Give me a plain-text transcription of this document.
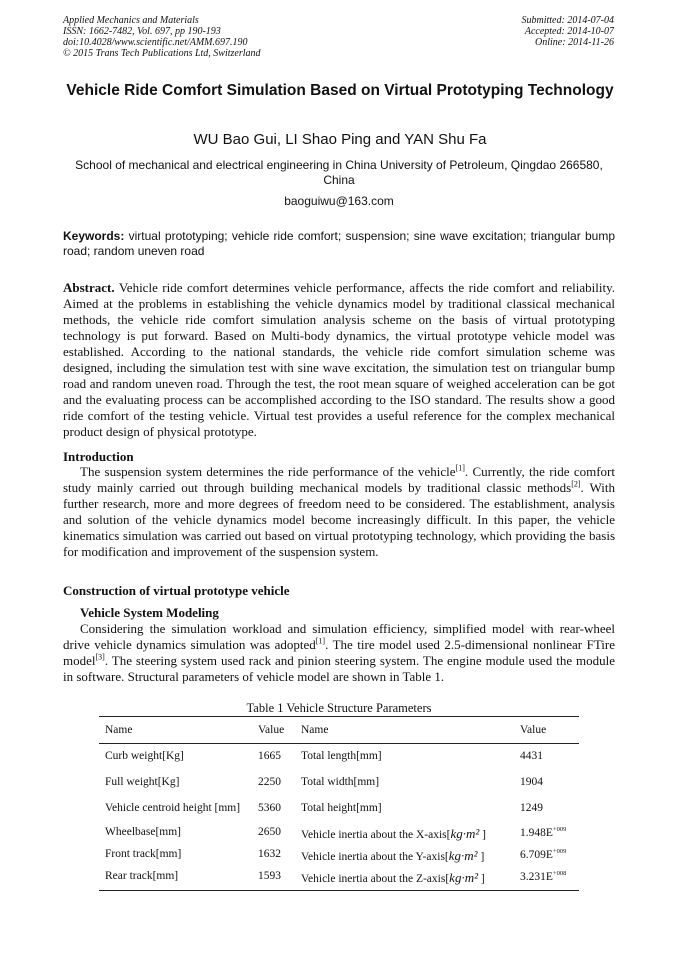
Applied Mechanics and Materials
ISSN: 1662-7482, Vol. 697, pp 190-193
doi:10.4028/www.scientific.net/AMM.697.190
© 2015 Trans Tech Publications Ltd, Switzerland
Submitted: 2014-07-04
Accepted: 2014-10-07
Online: 2014-11-26
Vehicle Ride Comfort Simulation Based on Virtual Prototyping Technology
WU Bao Gui, LI Shao Ping and YAN Shu Fa
School of mechanical and electrical engineering in China University of Petroleum, Qingdao 266580, China
baoguiwu@163.com
Keywords: virtual prototyping; vehicle ride comfort; suspension; sine wave excitation; triangular bump road; random uneven road
Abstract. Vehicle ride comfort determines vehicle performance, affects the ride comfort and reliability. Aimed at the problems in establishing the vehicle dynamics model by traditional classical mechanical methods, the vehicle ride comfort simulation analysis scheme on the basis of virtual prototyping technology is put forward. Based on Multi-body dynamics, the virtual prototype vehicle model was established. According to the national standards, the vehicle ride comfort simulation scheme was designed, including the simulation test with sine wave excitation, the simulation test on triangular bump road and random uneven road. Through the test, the root mean square of weighed acceleration can be got and the evaluating process can be accomplished according to the ISO standard. The results show a good ride comfort of the testing vehicle. Virtual test provides a useful reference for the complex mechanical product design of physical prototype.
Introduction
The suspension system determines the ride performance of the vehicle[1]. Currently, the ride comfort study mainly carried out through building mechanical models by traditional classic methods[2]. With further research, more and more degrees of freedom need to be considered. The establishment, analysis and solution of the vehicle dynamics model become increasingly difficult. In this paper, the vehicle kinematics simulation was carried out based on virtual prototyping technology, which providing the basis for modification and improvement of the suspension system.
Construction of virtual prototype vehicle
Vehicle System Modeling
Considering the simulation workload and simulation efficiency, simplified model with rear-wheel drive vehicle dynamics simulation was adopted[1]. The tire model used 2.5-dimensional nonlinear FTire model[3]. The steering system used rack and pinion steering system. The engine module used the module in software. Structural parameters of vehicle model are shown in Table 1.
Table 1 Vehicle Structure Parameters
Name	Value Name	Value
Curb weight[Kg]	1665 Total length[mm]	4431
Full weight[Kg]	2250 Total width[mm]	1904
Vehicle centroid height [mm] 5360 Total height[mm]	1249
Wheelbase[mm]	2650 Vehicle inertia about the X-axis[kg·m² ]	$1.948E^{+009}$
Front track[mm]	1632 Vehicle inertia about the Y-axis[kg·m² ]	$6.709E^{+009}$
Rear track[mm]	1593 Vehicle inertia about the Z-axis[kg·m² ]	$3.231E^{+008}$
